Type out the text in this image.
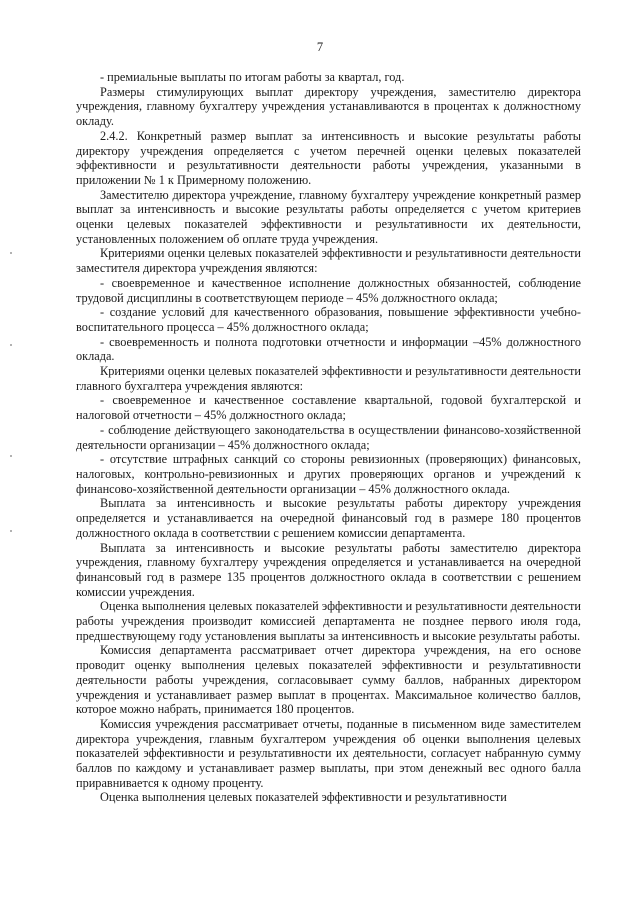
7

- премиальные выплаты по итогам работы за квартал, год.

Размеры стимулирующих выплат директору учреждения, заместителю директора учреждения, главному бухгалтеру учреждения устанавливаются в процентах к должностному окладу.

2.4.2. Конкретный размер выплат за интенсивность и высокие результаты работы директору учреждения определяется с учетом перечней оценки целевых показателей эффективности и результативности деятельности работы учреждения, указанными в приложении № 1 к Примерному положению.

Заместителю директора учреждение, главному бухгалтеру учреждение конкретный размер выплат за интенсивность и высокие результаты работы определяется с учетом критериев оценки целевых показателей эффективности и результативности их деятельности, установленных положением об оплате труда учреждения.

Критериями оценки целевых показателей эффективности и результативности деятельности заместителя директора учреждения являются:

- своевременное и качественное исполнение должностных обязанностей, соблюдение трудовой дисциплины в соответствующем периоде – 45% должностного оклада;

- создание условий для качественного образования, повышение эффективности учебно-воспитательного процесса – 45% должностного оклада;

- своевременность и полнота подготовки отчетности и информации –45% должностного оклада.

Критериями оценки целевых показателей эффективности и результативности деятельности главного бухгалтера учреждения являются:

- своевременное и качественное составление квартальной, годовой бухгалтерской и налоговой отчетности – 45% должностного оклада;

- соблюдение действующего законодательства в осуществлении финансово-хозяйственной деятельности организации – 45% должностного оклада;

- отсутствие штрафных санкций со стороны ревизионных (проверяющих) финансовых, налоговых, контрольно-ревизионных и других проверяющих органов и учреждений к финансово-хозяйственной деятельности организации – 45% должностного оклада.

Выплата за интенсивность и высокие результаты работы директору учреждения определяется и устанавливается на очередной финансовый год в размере 180 процентов должностного оклада в соответствии с решением комиссии департамента.

Выплата за интенсивность и высокие результаты работы заместителю директора учреждения, главному бухгалтеру учреждения определяется и устанавливается на очередной финансовый год в размере 135 процентов должностного оклада в соответствии с решением комиссии учреждения.

Оценка выполнения целевых показателей эффективности и результативности деятельности работы учреждения производит комиссией департамента не позднее первого июля года, предшествующему году установления выплаты за интенсивность и высокие результаты работы.

Комиссия департамента рассматривает отчет директора учреждения, на его основе проводит оценку выполнения целевых показателей эффективности и результативности деятельности работы учреждения, согласовывает сумму баллов, набранных директором учреждения и устанавливает размер выплат в процентах. Максимальное количество баллов, которое можно набрать, принимается 180 процентов.

Комиссия учреждения рассматривает отчеты, поданные в письменном виде заместителем директора учреждения, главным бухгалтером учреждения об оценки выполнения целевых показателей эффективности и результативности их деятельности, согласует набранную сумму баллов по каждому и устанавливает размер выплаты, при этом денежный вес одного балла приравнивается к одному проценту.

Оценка выполнения целевых показателей эффективности и результативности
